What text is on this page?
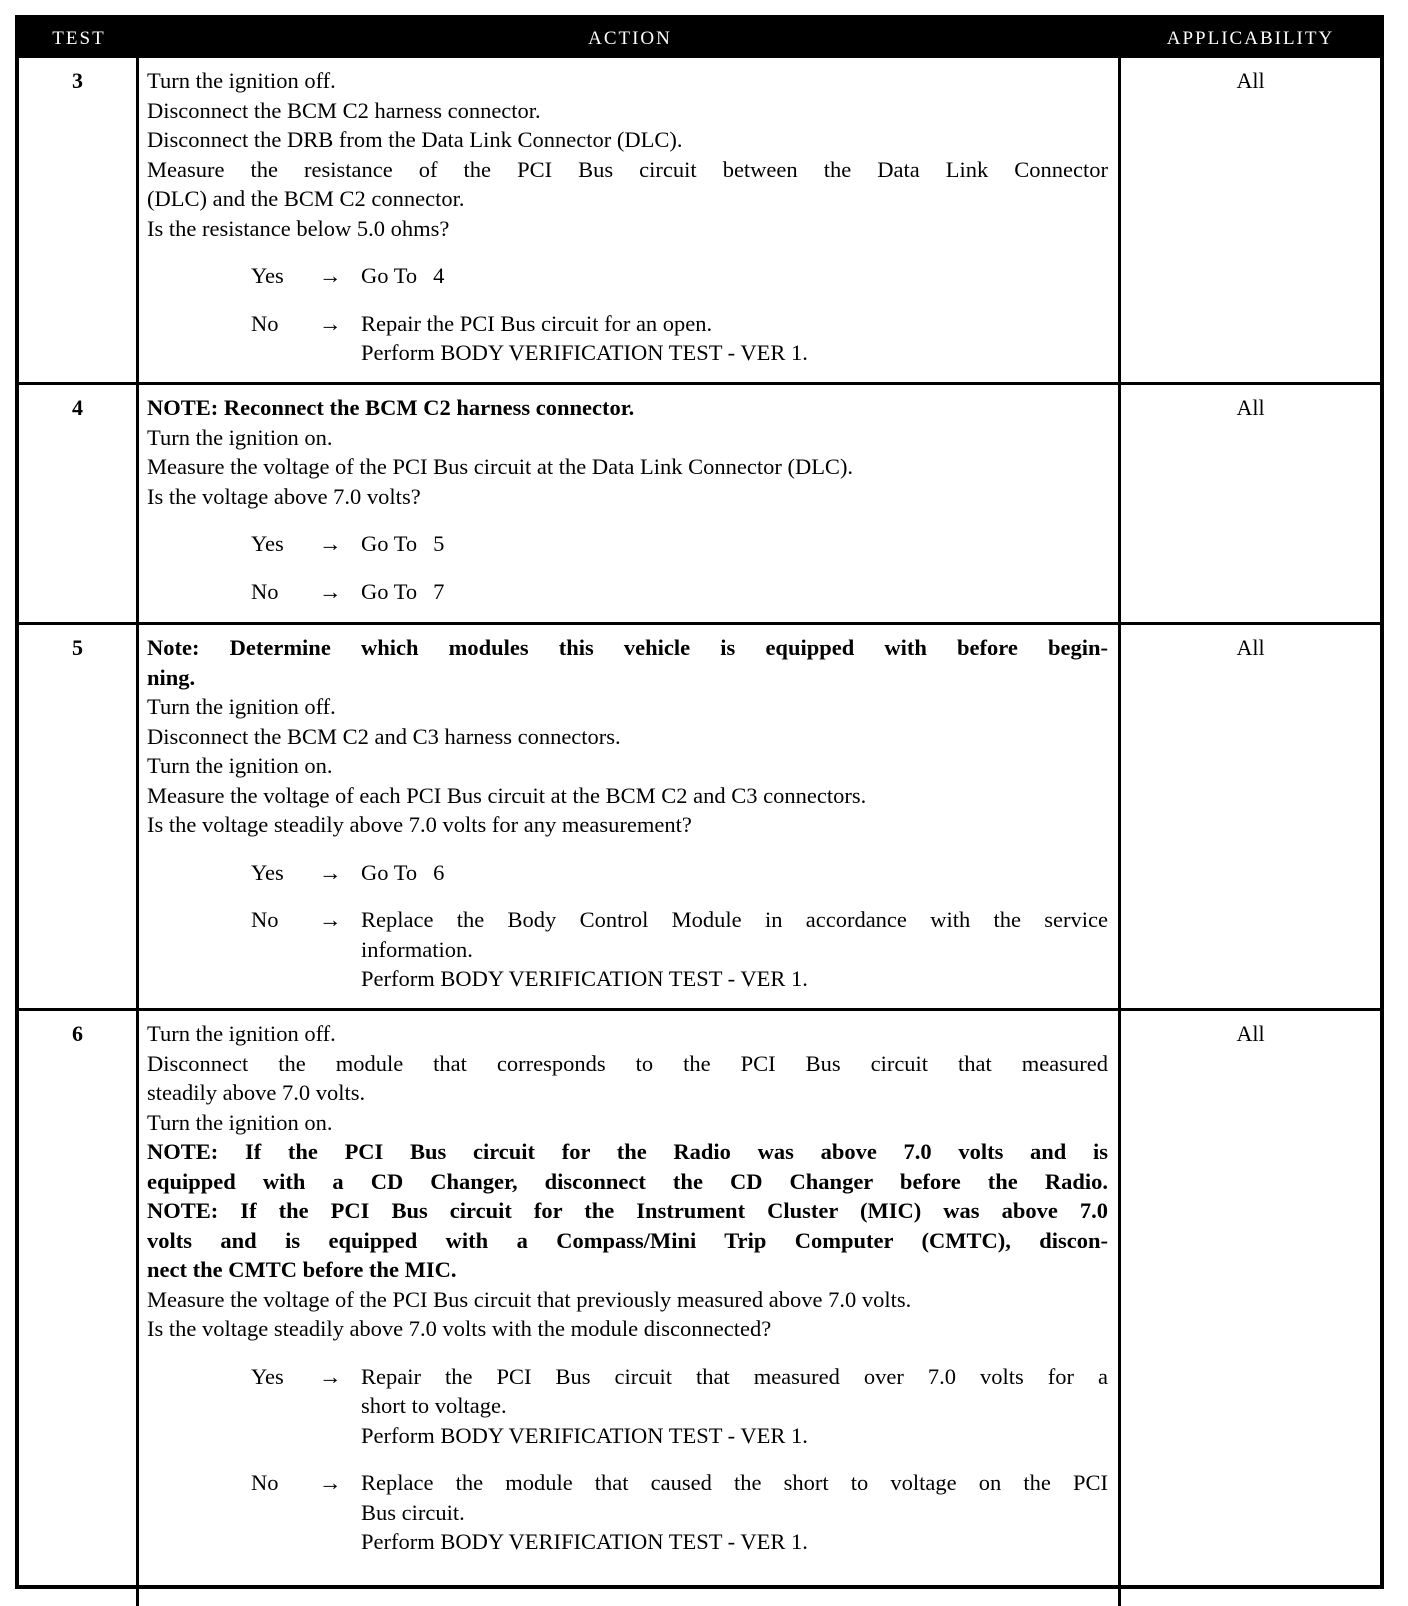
TEST	ACTION	APPLICABILITY
3	Turn the ignition off.
Disconnect the BCM C2 harness connector.
Disconnect the DRB from the Data Link Connector (DLC).
Measure the resistance of the PCI Bus circuit between the Data Link Connector
(DLC) and the BCM C2 connector.
Is the resistance below 5.0 ohms?
Yes	→ Go To 4
No	→ Repair the PCI Bus circuit for an open.
Perform BODY VERIFICATION TEST - VER 1.
All
4	NOTE: Reconnect the BCM C2 harness connector.
Turn the ignition on.
Measure the voltage of the PCI Bus circuit at the Data Link Connector (DLC).
Is the voltage above 7.0 volts?
Yes	→ Go To 5
No	→ Go To 7
All
5	Note: Determine which modules this vehicle is equipped with before begin-
ning.
Turn the ignition off.
Disconnect the BCM C2 and C3 harness connectors.
Turn the ignition on.
Measure the voltage of each PCI Bus circuit at the BCM C2 and C3 connectors.
Is the voltage steadily above 7.0 volts for any measurement?
Yes	→ Go To 6
No	→ Replace the Body Control Module in accordance with the service
information.
Perform BODY VERIFICATION TEST - VER 1.
All
6	Turn the ignition off.
Disconnect the module that corresponds to the PCI Bus circuit that measured
steadily above 7.0 volts.
Turn the ignition on.
NOTE: If the PCI Bus circuit for the Radio was above 7.0 volts and is
equipped with a CD Changer, disconnect the CD Changer before the Radio.
NOTE: If the PCI Bus circuit for the Instrument Cluster (MIC) was above 7.0
volts and is equipped with a Compass/Mini Trip Computer (CMTC), discon-
nect the CMTC before the MIC.
Measure the voltage of the PCI Bus circuit that previously measured above 7.0 volts.
Is the voltage steadily above 7.0 volts with the module disconnected?
Yes	→ Repair the PCI Bus circuit that measured over 7.0 volts for a
short to voltage.
Perform BODY VERIFICATION TEST - VER 1.
No	→ Replace the module that caused the short to voltage on the PCI
Bus circuit.
Perform BODY VERIFICATION TEST - VER 1.
All
